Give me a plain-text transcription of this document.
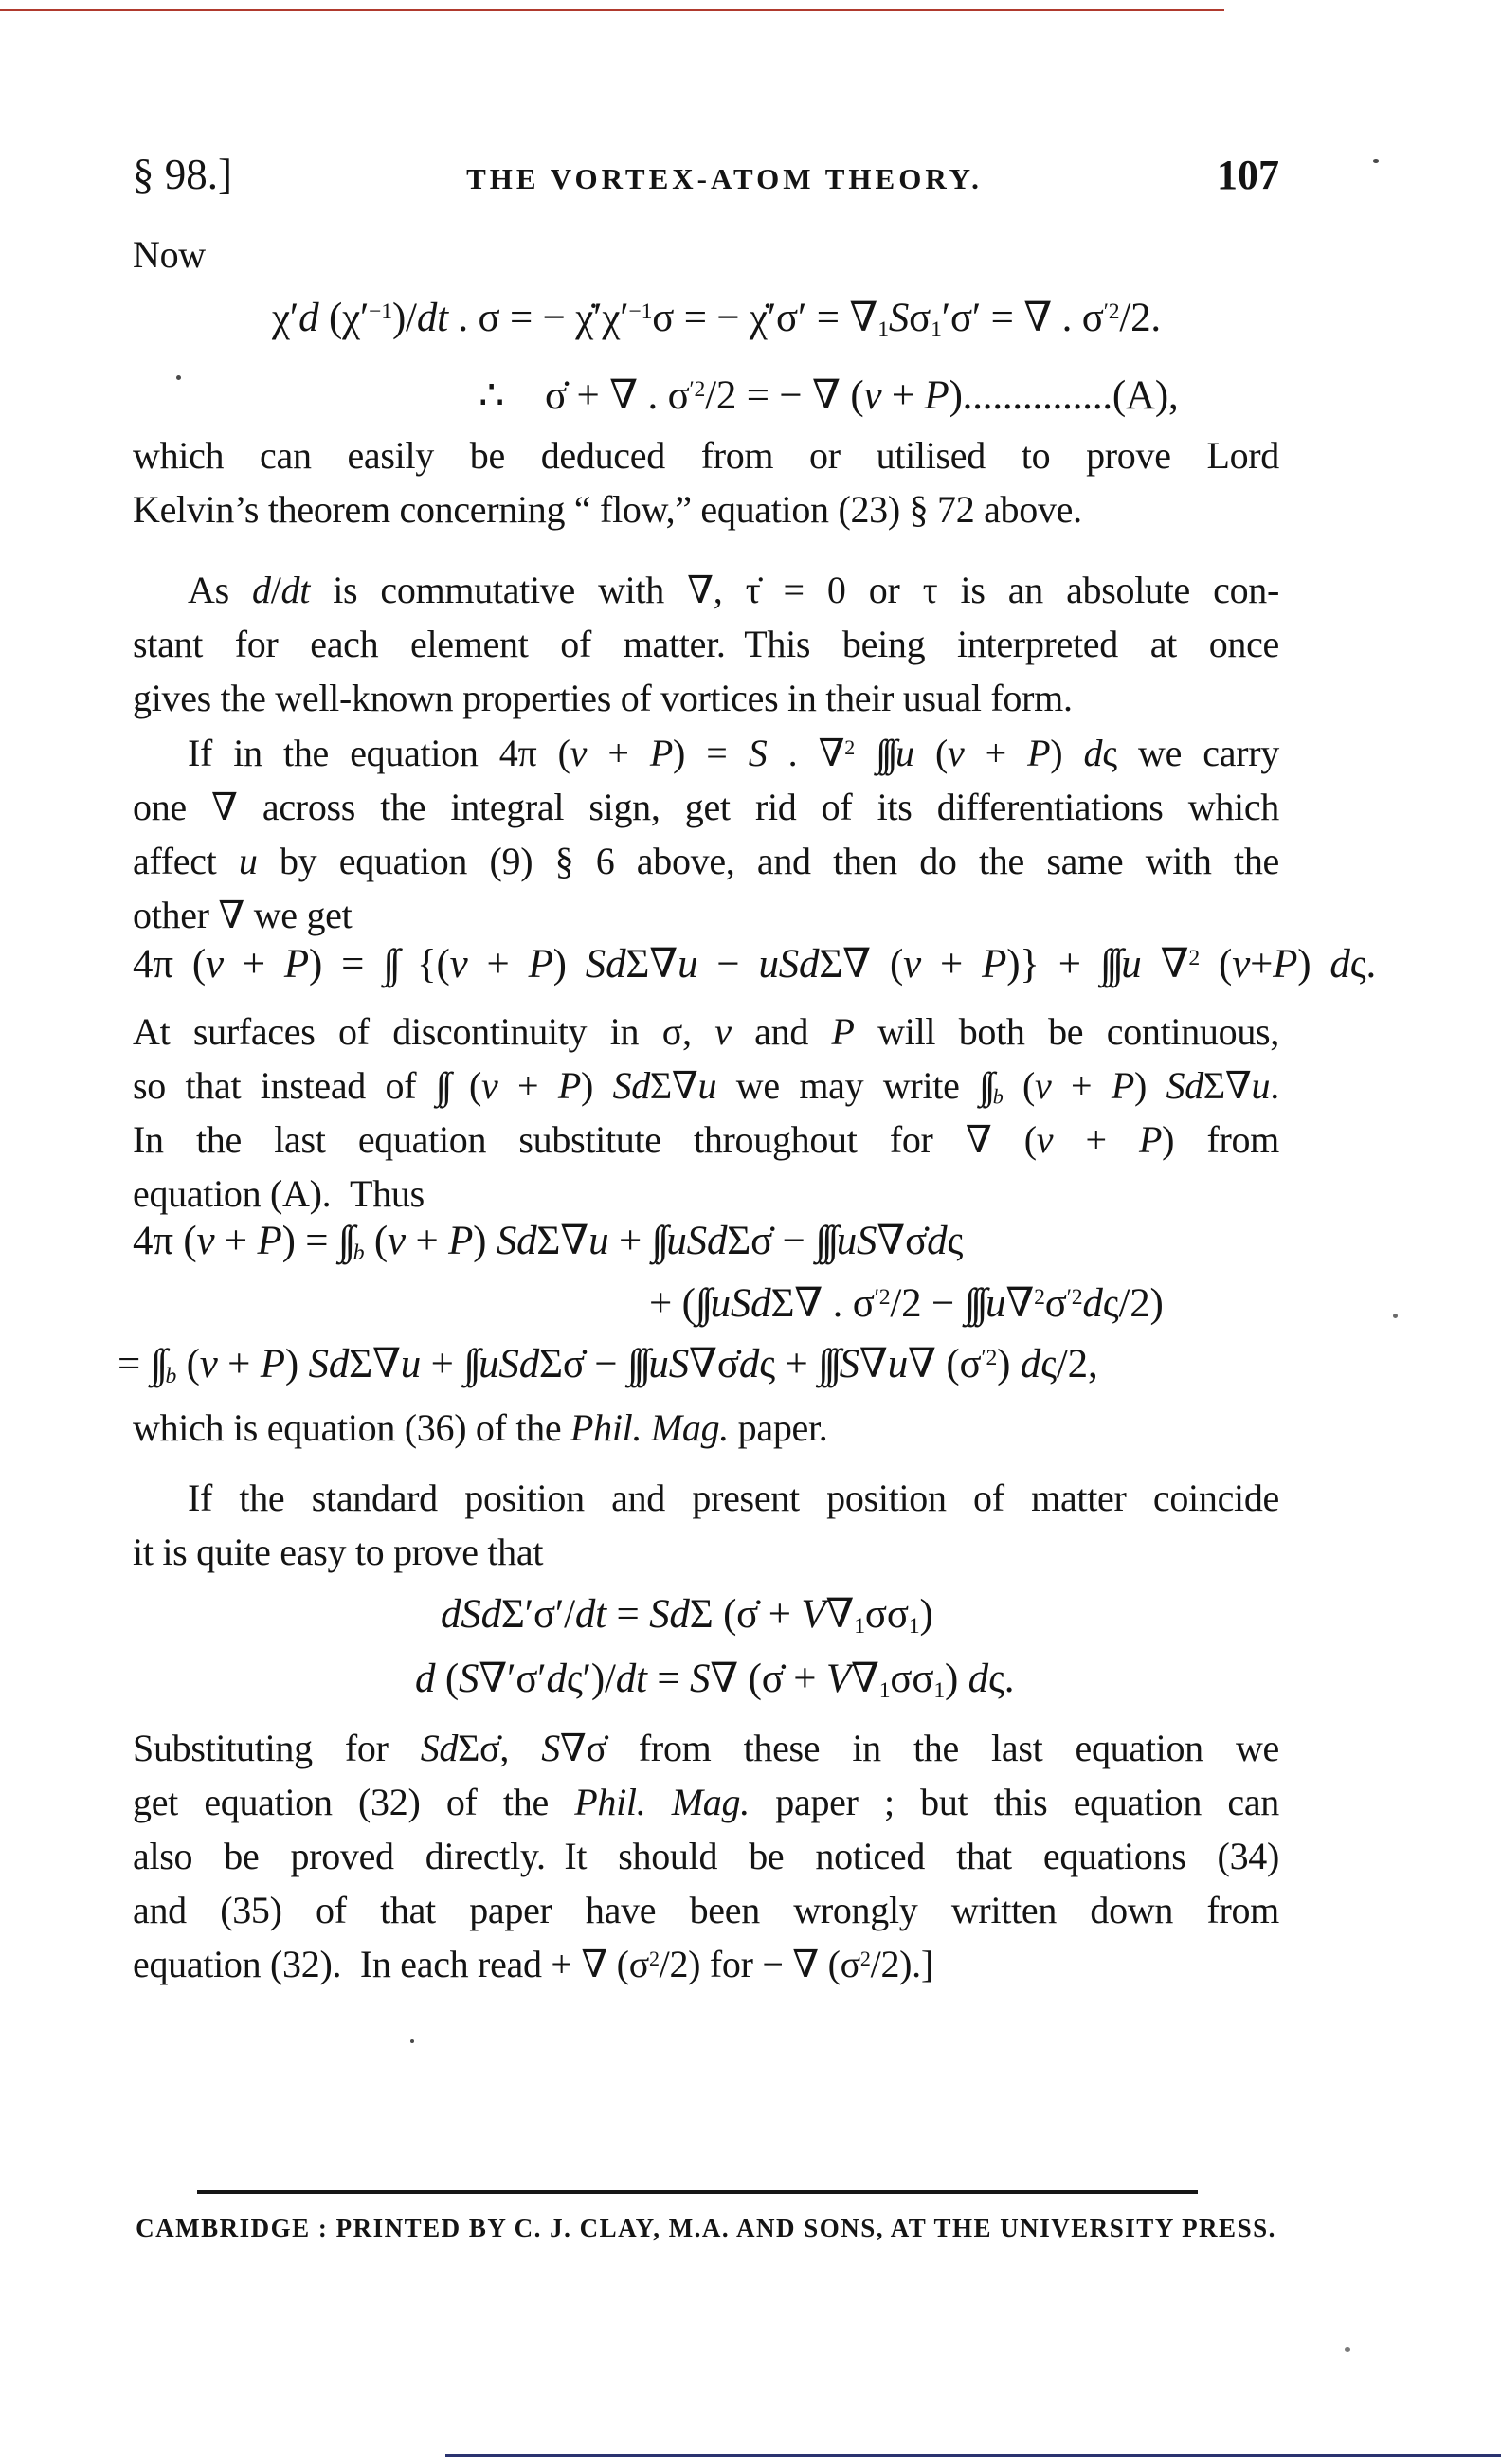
§ 98.]	THE VORTEX-ATOM THEORY.	107
Now
χ′d $(\chi'^{-1})/dt$ . σ = − $\chi̇'\chi'^{-1}\sigma$ = − χ̇′σ′ = $\nabla_1S\sigma_1'\sigma'$ = ∇ . $\sigma^{'2}/2$.
∴ σ̇ + ∇ . $\sigma^{'2}/2$ = − ∇ (v + P)...............(A),
which can easily be deduced from or utilised to prove Lord
Kelvin’s theorem concerning “ flow,” equation (23) § 72 above.
As d/dt is commutative with ∇, τ̇ = 0 or τ is an absolute con-
stant for each element of matter. This being interpreted at once
gives the well-known properties of vortices in their usual form.
If in the equation 4π (v + P) = S . ∇$^2$ ∫∫∫u (v + P) dς we carry
one ∇ across the integral sign, get rid of its differentiations which
affect u by equation (9) § 6 above, and then do the same with the
other ∇ we get
4π (v + P) = ∫∫ {(v + P) SdΣ∇u − uSdΣ∇ (v + P)} + ∫∫∫u ∇$^2$ (v+P) dς.
At surfaces of discontinuity in σ, v and P will both be continuous,
so that instead of ∫∫ (v + P) SdΣ∇u we may write ∫∫ $_b$ (v + P) SdΣ∇u.
In the last equation substitute throughout for ∇ (v + P) from
equation (A). Thus
4π (v + P) = ∫∫ $_b$ (v + P) SdΣ∇u + ∫∫uSdΣσ̇ − ∫∫∫uS∇σ̇dς
+ (∫∫uSdΣ∇ . $\sigma^{'2}/2 - \int\int\int u\nabla^2\sigma^{'2}d\varsigma/2$)
= ∫∫ $_b$ (v + P) SdΣ∇u + ∫∫uSdΣσ̇ − ∫∫∫uS∇σ̇dς + ∫∫∫S∇u∇ $(\sigma^{'2})$ dς/2,
which is equation (36) of the Phil. Mag. paper.
If the standard position and present position of matter coincide
it is quite easy to prove that
dSdΣ′σ′/dt = SdΣ (σ̇ + $V\nabla_1\sigma\sigma_1$)
d (S∇′σ′dς′)/dt = S∇ (σ̇ + $V\nabla_1\sigma\sigma_1$) dς.
Substituting for SdΣσ̇, S∇σ̇ from these in the last equation we
get equation (32) of the Phil. Mag. paper ; but this equation can
also be proved directly. It should be noticed that equations (34)
and (35) of that paper have been wrongly written down from
equation (32). In each read + ∇ $(\sigma^2/2)$ for − ∇ $(\sigma^2/2)$.]
CAMBRIDGE : PRINTED BY C. J. CLAY, M.A. AND SONS, AT THE UNIVERSITY PRESS.
